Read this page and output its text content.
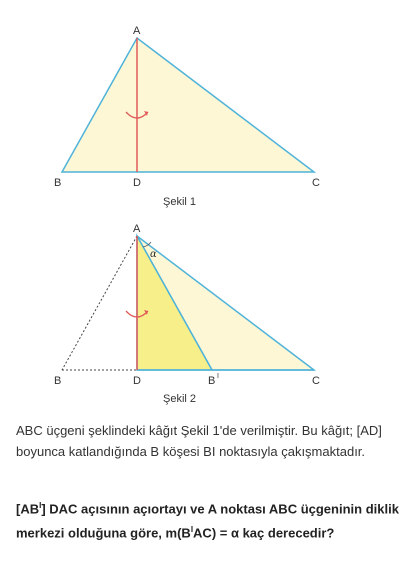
A
B	D	C
Şekil 1
A
α
B	D	B I	C
Şekil 2
ABC üçgeni şeklindeki kâğıt Şekil 1'de verilmiştir. Bu kâğıt; [AD] boyunca katlandığında B köşesi BI noktasıyla çakışmaktadır.
$[AB^I]$ DAC açısının açıortayı ve A noktası ABC üçgeninin diklik merkezi olduğuna göre, $m(B^IAC) = \alpha$ kaç derecedir?
